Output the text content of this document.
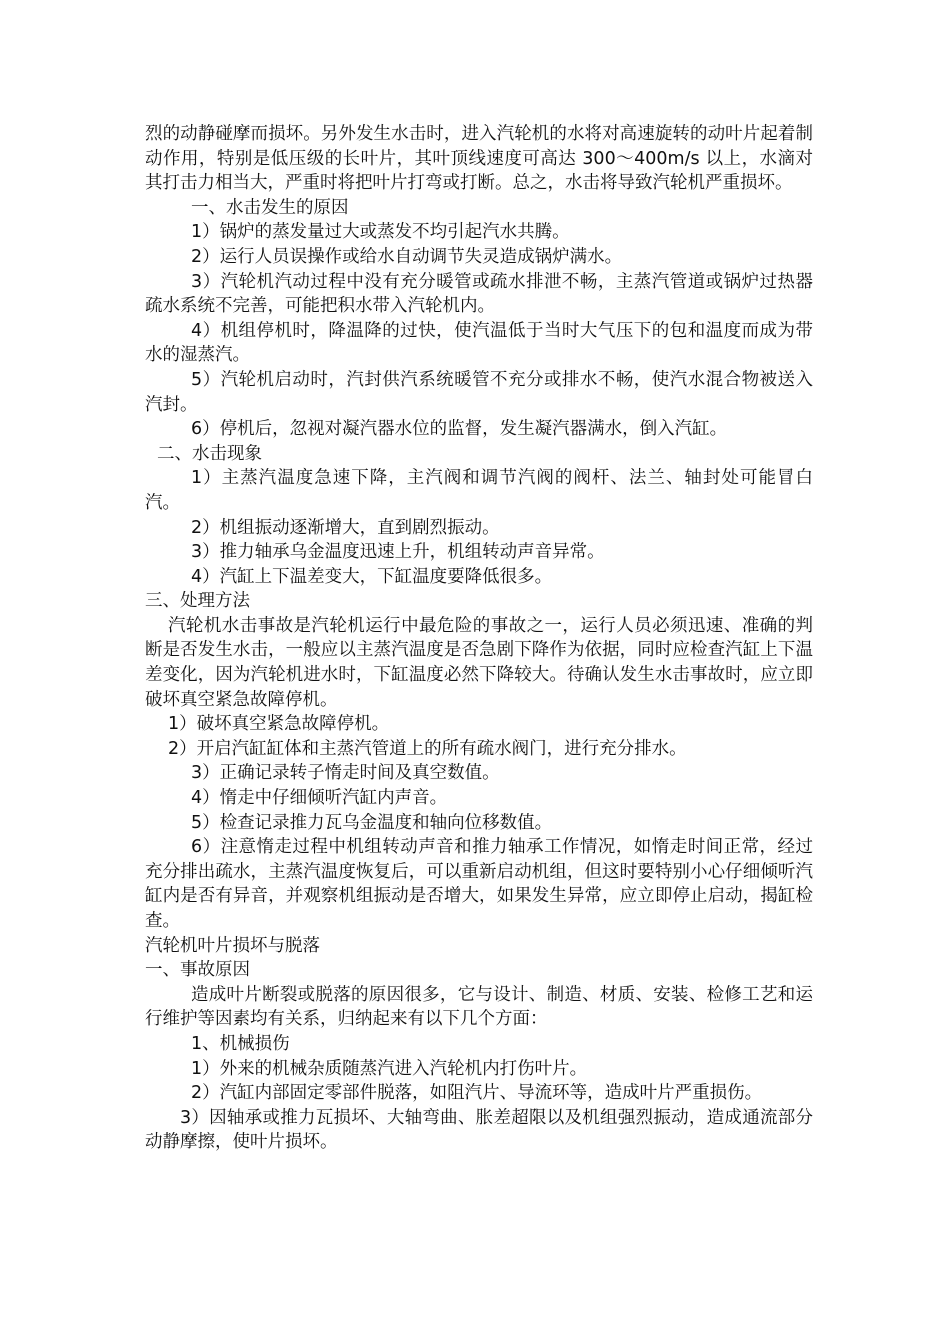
烈的动静碰摩而损坏。另外发生水击时，进入汽轮机的水将对高速旋转的动叶片起着制动作用，特别是低压级的长叶片，其叶顶线速度可高达 300～400m/s 以上，水滴对其打击力相当大，严重时将把叶片打弯或打断。总之，水击将导致汽轮机严重损坏。

一、水击发生的原因

1）锅炉的蒸发量过大或蒸发不均引起汽水共腾。

2）运行人员误操作或给水自动调节失灵造成锅炉满水。

3）汽轮机汽动过程中没有充分暖管或疏水排泄不畅，主蒸汽管道或锅炉过热器疏水系统不完善，可能把积水带入汽轮机内。

4）机组停机时，降温降的过快，使汽温低于当时大气压下的包和温度而成为带水的湿蒸汽。

5）汽轮机启动时，汽封供汽系统暖管不充分或排水不畅，使汽水混合物被送入汽封。

6）停机后，忽视对凝汽器水位的监督，发生凝汽器满水，倒入汽缸。

二、水击现象

1）主蒸汽温度急速下降，主汽阀和调节汽阀的阀杆、法兰、轴封处可能冒白汽。

2）机组振动逐渐增大，直到剧烈振动。

3）推力轴承乌金温度迅速上升，机组转动声音异常。

4）汽缸上下温差变大，下缸温度要降低很多。

三、处理方法

汽轮机水击事故是汽轮机运行中最危险的事故之一，运行人员必须迅速、准确的判断是否发生水击，一般应以主蒸汽温度是否急剧下降作为依据，同时应检查汽缸上下温差变化，因为汽轮机进水时，下缸温度必然下降较大。待确认发生水击事故时，应立即破坏真空紧急故障停机。

1）破坏真空紧急故障停机。

2）开启汽缸缸体和主蒸汽管道上的所有疏水阀门，进行充分排水。

3）正确记录转子惰走时间及真空数值。

4）惰走中仔细倾听汽缸内声音。

5）检查记录推力瓦乌金温度和轴向位移数值。

6）注意惰走过程中机组转动声音和推力轴承工作情况，如惰走时间正常，经过充分排出疏水，主蒸汽温度恢复后，可以重新启动机组，但这时要特别小心仔细倾听汽缸内是否有异音，并观察机组振动是否增大，如果发生异常，应立即停止启动，揭缸检查。

汽轮机叶片损坏与脱落

一、事故原因

造成叶片断裂或脱落的原因很多，它与设计、制造、材质、安装、检修工艺和运行维护等因素均有关系，归纳起来有以下几个方面：

1、机械损伤

1）外来的机械杂质随蒸汽进入汽轮机内打伤叶片。

2）汽缸内部固定零部件脱落，如阻汽片、导流环等，造成叶片严重损伤。

3）因轴承或推力瓦损坏、大轴弯曲、胀差超限以及机组强烈振动，造成通流部分动静摩擦，使叶片损坏。
